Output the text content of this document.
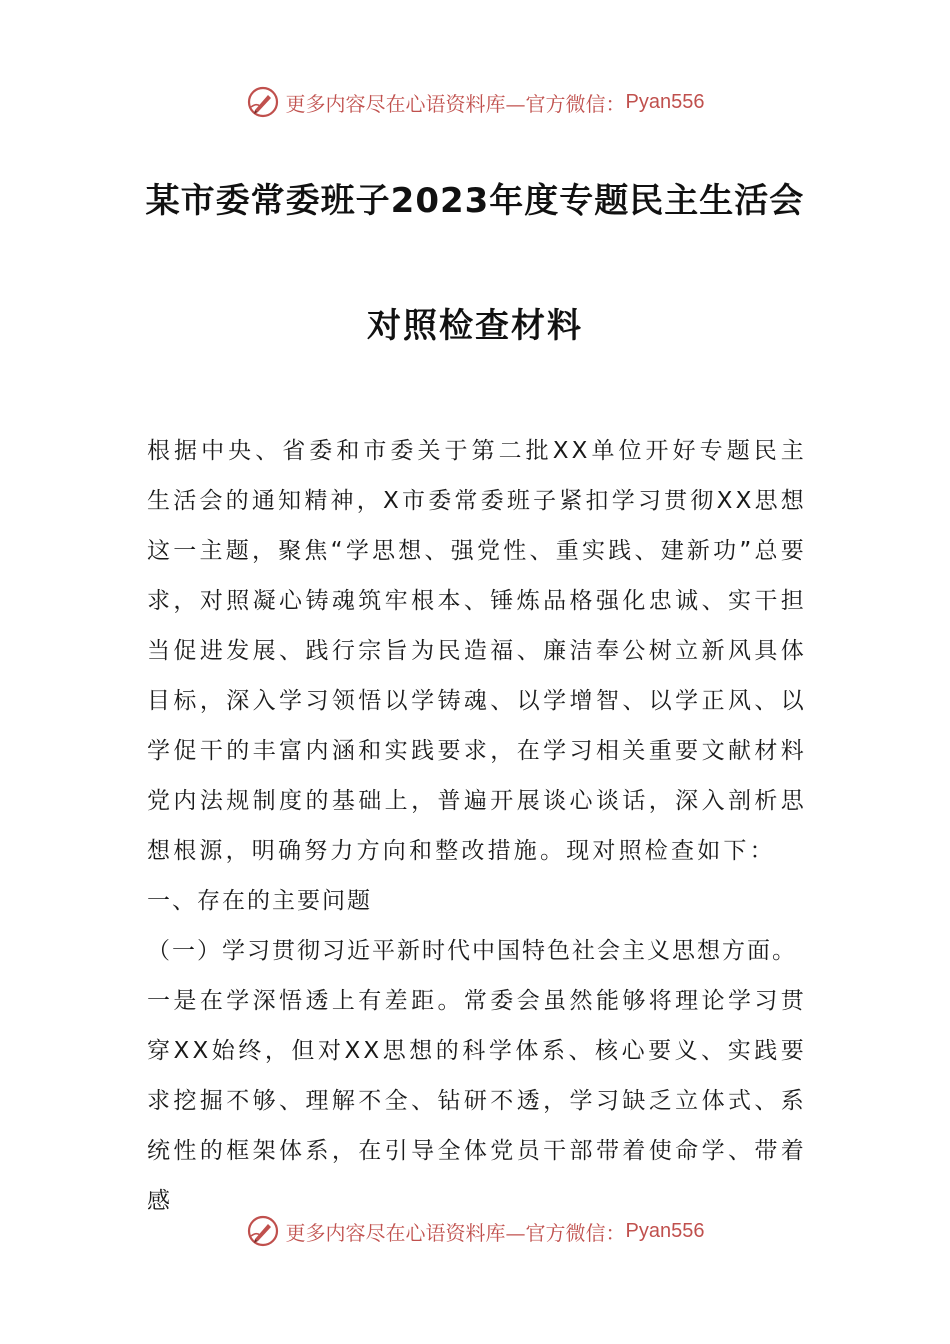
更多内容尽在心语资料库—官方微信： Pyan556
某市委常委班子2023年度专题民主生活会
对照检查材料

根据中央、省委和市委关于第二批XX单位开好专题民主生活会的通知精神，X市委常委班子紧扣学习贯彻XX思想这一主题，聚焦“学思想、强党性、重实践、建新功”总要求，对照凝心铸魂筑牢根本、锤炼品格强化忠诚、实干担当促进发展、践行宗旨为民造福、廉洁奉公树立新风具体目标，深入学习领悟以学铸魂、以学增智、以学正风、以学促干的丰富内涵和实践要求，在学习相关重要文献材料党内法规制度的基础上，普遍开展谈心谈话，深入剖析思想根源，明确努力方向和整改措施。现对照检查如下：

一、存在的主要问题

（一）学习贯彻习近平新时代中国特色社会主义思想方面。

一是在学深悟透上有差距。常委会虽然能够将理论学习贯穿XX始终，但对XX思想的科学体系、核心要义、实践要求挖掘不够、理解不全、钻研不透，学习缺乏立体式、系统性的框架体系，在引导全体党员干部带着使命学、带着感

更多内容尽在心语资料库—官方微信： Pyan556
